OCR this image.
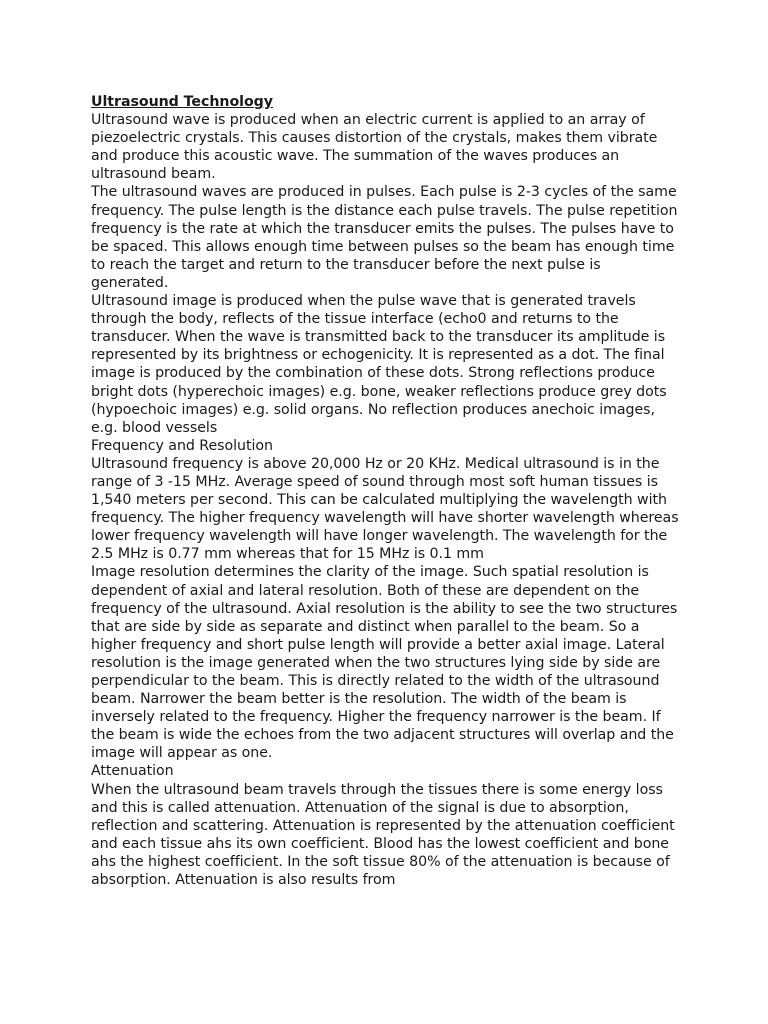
Ultrasound Technology

Ultrasound wave is produced when an electric current is applied to an array of piezoelectric crystals. This causes distortion of the crystals, makes them vibrate and produce this acoustic wave. The summation of the waves produces an ultrasound beam.

The ultrasound waves are produced in pulses. Each pulse is 2-3 cycles of the same frequency. The pulse length is the distance each pulse travels. The pulse repetition frequency is the rate at which the transducer emits the pulses. The pulses have to be spaced. This allows enough time between pulses so the beam has enough time to reach the target and return to the transducer before the next pulse is generated.

Ultrasound image is produced when the pulse wave that is generated travels through the body, reflects of the tissue interface (echo0 and returns to the transducer. When the wave is transmitted back to the transducer its amplitude is represented by its brightness or echogenicity. It is represented as a dot. The final image is produced by the combination of these dots. Strong reflections produce bright dots (hyperechoic images) e.g. bone, weaker reflections produce grey dots (hypoechoic images) e.g. solid organs. No reflection produces anechoic images, e.g. blood vessels

Frequency and Resolution

Ultrasound frequency is above 20,000 Hz or 20 KHz. Medical ultrasound is in the range of 3 -15 MHz. Average speed of sound through most soft human tissues is 1,540 meters per second. This can be calculated multiplying the wavelength with frequency. The higher frequency wavelength will have shorter wavelength whereas lower frequency wavelength will have longer wavelength. The wavelength for the 2.5 MHz is 0.77 mm whereas that for 15 MHz is 0.1 mm

Image resolution determines the clarity of the image. Such spatial resolution is dependent of axial and lateral resolution. Both of these are dependent on the frequency of the ultrasound. Axial resolution is the ability to see the two structures that are side by side as separate and distinct when parallel to the beam. So a higher frequency and short pulse length will provide a better axial image. Lateral resolution is the image generated when the two structures lying side by side are perpendicular to the beam. This is directly related to the width of the ultrasound beam. Narrower the beam better is the resolution. The width of the beam is inversely related to the frequency. Higher the frequency narrower is the beam. If the beam is wide the echoes from the two adjacent structures will overlap and the image will appear as one.

Attenuation

When the ultrasound beam travels through the tissues there is some energy loss and this is called attenuation. Attenuation of the signal is due to absorption, reflection and scattering. Attenuation is represented by the attenuation coefficient and each tissue ahs its own coefficient. Blood has the lowest coefficient and bone ahs the highest coefficient. In the soft tissue 80% of the attenuation is because of absorption. Attenuation is also results from
